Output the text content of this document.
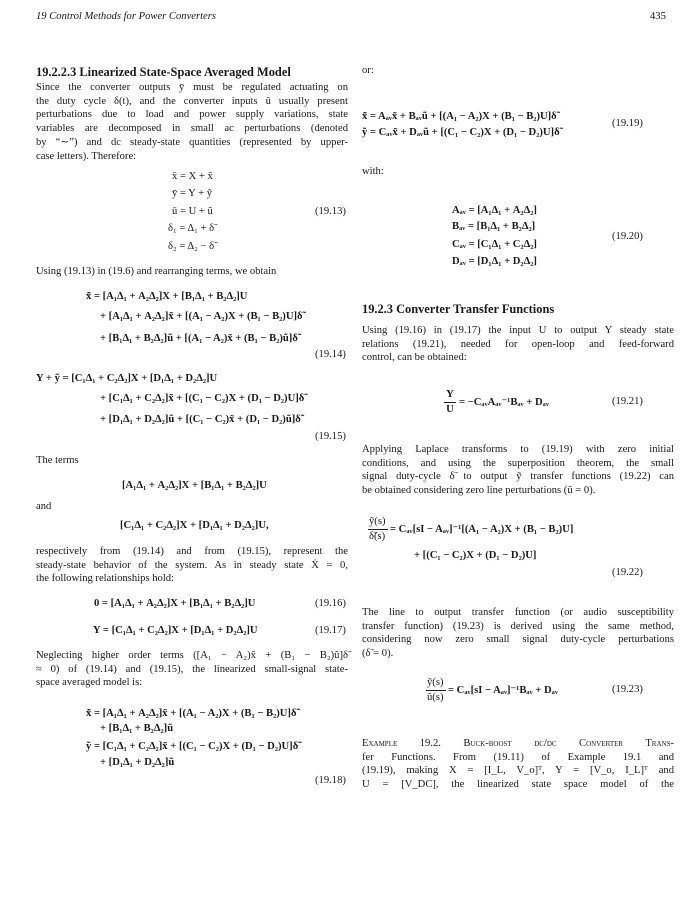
19 Control Methods for Power Converters	435
19.2.2.3 Linearized State-Space Averaged Model
Since the converter outputs ȳ must be regulated actuating on
the duty cycle δ(t), and the converter inputs ū usually present
perturbations due to load and power supply variations, state
variables are decomposed in small ac perturbations (denoted
by “∼”) and dc steady-state quantities (represented by upper-
case letters). Therefore:
x̄ = X + x̃
ȳ = Y + ỹ
ū = U + ũ
δ₁ = Δ₁ + δ̃
δ₂ = Δ₂ − δ̃
(19.13)
Using (19.13) in (19.6) and rearranging terms, we obtain
x̃̇ = [A₁Δ₁ + A₂Δ₂]X + [B₁Δ₁ + B₂Δ₂]U
+ [A₁Δ₁ + A₂Δ₂]x̃ + [(A₁ − A₂)X + (B₁ − B₂)U]δ̃
+ [B₁Δ₁ + B₂Δ₂]ũ + [(A₁ − A₂)x̃ + (B₁ − B₂)ũ]δ̃
(19.14)
Y + ỹ = [C₁Δ₁ + C₂Δ₂]X + [D₁Δ₁ + D₂Δ₂]U
+ [C₁Δ₁ + C₂Δ₂]x̃ + [(C₁ − C₂)X + (D₁ − D₂)U]δ̃
+ [D₁Δ₁ + D₂Δ₂]ũ + [(C₁ − C₂)x̃ + (D₁ − D₂)ũ]δ̃
(19.15)
The terms
[A₁Δ₁ + A₂Δ₂]X + [B₁Δ₁ + B₂Δ₂]U
and
[C₁Δ₁ + C₂Δ₂]X + [D₁Δ₁ + D₂Δ₂]U,
respectively from (19.14) and from (19.15), represent the
steady-state behavior of the system. As in steady state Ẋ = 0,
the following relationships hold:
0 = [A₁Δ₁ + A₂Δ₂]X + [B₁Δ₁ + B₂Δ₂]U	(19.16)
Y = [C₁Δ₁ + C₂Δ₂]X + [D₁Δ₁ + D₂Δ₂]U	(19.17)
Neglecting higher order terms ([A₁ − A₂)x̃ + (B₁ − B₂)ũ]δ̃
≈ 0) of (19.14) and (19.15), the linearized small-signal state-
space averaged model is:
x̃̇ = [A₁Δ₁ + A₂Δ₂]x̃ + [(A₁ − A₂)X + (B₁ − B₂)U]δ̃
+ [B₁Δ₁ + B₂Δ₂]ũ
ỹ = [C₁Δ₁ + C₂Δ₂]x̃ + [(C₁ − C₂)X + (D₁ − D₂)U]δ̃
+ [D₁Δ₁ + D₂Δ₂]ũ
(19.18)
or:
x̃̇ = Aₐᵥx̃ + Bₐᵥũ + [(A₁ − A₂)X + (B₁ − B₂)U]δ̃
ỹ = Cₐᵥx̃ + Dₐᵥũ + [(C₁ − C₂)X + (D₁ − D₂)U]δ̃
(19.19)
with:
Aₐᵥ = [A₁Δ₁ + A₂Δ₂]
Bₐᵥ = [B₁Δ₁ + B₂Δ₂]
Cₐᵥ = [C₁Δ₁ + C₂Δ₂]
Dₐᵥ = [D₁Δ₁ + D₂Δ₂]
(19.20)
19.2.3 Converter Transfer Functions
Using (19.16) in (19.17) the input U to output Y steady state
relations (19.21), needed for open-loop and feed-forward
control, can be obtained:
Y
U
= −CₐᵥAₐᵥ⁻¹Bₐᵥ + Dₐᵥ	(19.21)
Applying Laplace transforms to (19.19) with zero initial
conditions, and using the superposition theorem, the small
signal duty-cycle δ̃ to output ỹ transfer functions (19.22) can
be obtained considering zero line perturbations (ũ = 0).
ỹ(s)
δ̃(s)
= Cₐᵥ[sI − Aₐᵥ]⁻¹[(A₁ − A₂)X + (B₁ − B₂)U]
+ [(C₁ − C₂)X + (D₁ − D₂)U]
(19.22)
The line to output transfer function (or audio susceptibility
transfer function) (19.23) is derived using the same method,
considering now zero small signal duty-cycle perturbations
(δ̃ = 0).
ỹ(s)
ũ(s)
= Cₐᵥ[sI − Aₐᵥ]⁻¹Bₐᵥ + Dₐᵥ	(19.23)
Example 19.2. Buck-boost dc/dc Converter Trans-
fer Functions. From (19.11) of Example 19.1 and
(19.19), making X = [I_L, V_o]ᵀ, Y = [V_o, I_L]ᵀ and
U = [V_DC], the linearized state space model of the
